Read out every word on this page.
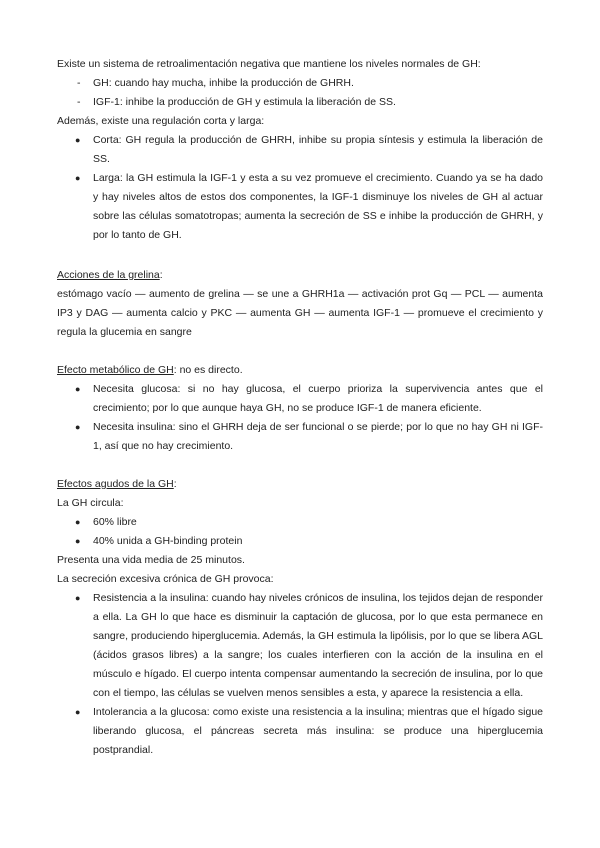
Existe un sistema de retroalimentación negativa que mantiene los niveles normales de GH:

- GH: cuando hay mucha, inhibe la producción de GHRH.
- IGF-1: inhibe la producción de GH y estimula la liberación de SS.

Además, existe una regulación corta y larga:

● Corta: GH regula la producción de GHRH, inhibe su propia síntesis y estimula la liberación de SS.
● Larga: la GH estimula la IGF-1 y esta a su vez promueve el crecimiento. Cuando ya se ha dado y hay niveles altos de estos dos componentes, la IGF-1 disminuye los niveles de GH al actuar sobre las células somatotropas; aumenta la secreción de SS e inhibe la producción de GHRH, y por lo tanto de GH.

Acciones de la grelina:

estómago vacío — aumento de grelina — se une a GHRH1a — activación prot Gq — PCL — aumenta IP3 y DAG — aumenta calcio y PKC — aumenta GH — aumenta IGF-1 — promueve el crecimiento y regula la glucemia en sangre

Efecto metabólico de GH: no es directo.

● Necesita glucosa: si no hay glucosa, el cuerpo prioriza la supervivencia antes que el crecimiento; por lo que aunque haya GH, no se produce IGF-1 de manera eficiente.
● Necesita insulina: sino el GHRH deja de ser funcional o se pierde; por lo que no hay GH ni IGF-1, así que no hay crecimiento.

Efectos agudos de la GH:

La GH circula:

● 60% libre
● 40% unida a GH-binding protein

Presenta una vida media de 25 minutos.

La secreción excesiva crónica de GH provoca:

● Resistencia a la insulina: cuando hay niveles crónicos de insulina, los tejidos dejan de responder a ella. La GH lo que hace es disminuir la captación de glucosa, por lo que esta permanece en sangre, produciendo hiperglucemia. Además, la GH estimula la lipólisis, por lo que se libera AGL (ácidos grasos libres) a la sangre; los cuales interfieren con la acción de la insulina en el músculo e hígado. El cuerpo intenta compensar aumentando la secreción de insulina, por lo que con el tiempo, las células se vuelven menos sensibles a esta, y aparece la resistencia a ella.
● Intolerancia a la glucosa: como existe una resistencia a la insulina; mientras que el hígado sigue liberando glucosa, el páncreas secreta más insulina: se produce una hiperglucemia postprandial.
